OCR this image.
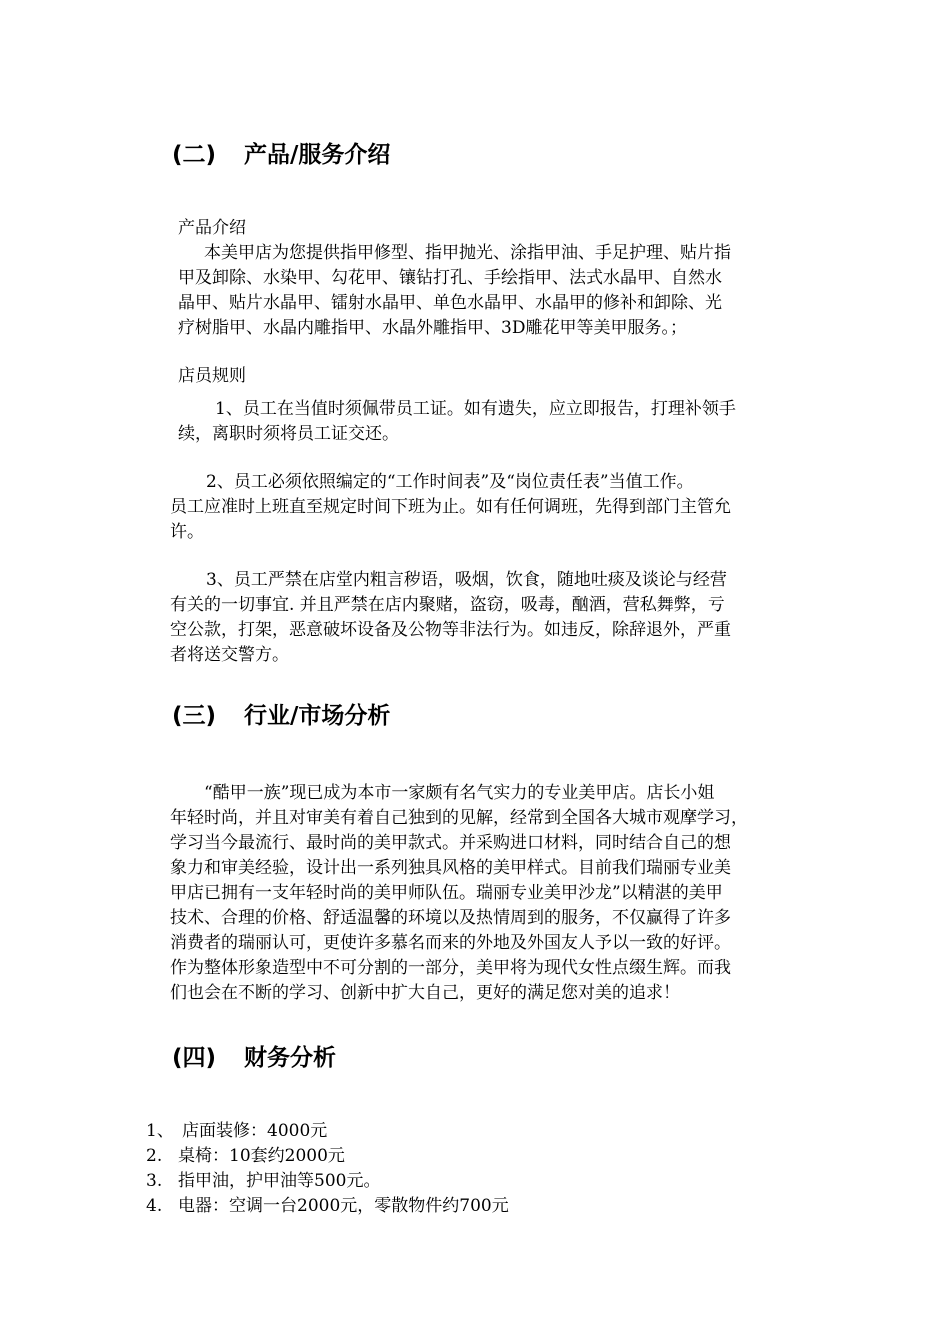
(二) 产品/服务介绍
产品介绍
本美甲店为您提供指甲修型、指甲抛光、涂指甲油、手足护理、贴片指
甲及卸除、水染甲、勾花甲、镶钻打孔、手绘指甲、法式水晶甲、自然水
晶甲、贴片水晶甲、镭射水晶甲、单色水晶甲、水晶甲的修补和卸除、光
疗树脂甲、水晶内雕指甲、水晶外雕指甲、3D雕花甲等美甲服务。；
店员规则
1、员工在当值时须佩带员工证。如有遗失，应立即报告，打理补领手
续，离职时须将员工证交还。
2、员工必须依照编定的“工作时间表”及“岗位责任表”当值工作。
员工应准时上班直至规定时间下班为止。如有任何调班，先得到部门主管允
许。
3、员工严禁在店堂内粗言秽语，吸烟，饮食，随地吐痰及谈论与经营
有关的一切事宜. 并且严禁在店内聚赌，盗窃，吸毒，酗酒，营私舞弊，亏
空公款，打架，恶意破坏设备及公物等非法行为。如违反，除辞退外，严重
者将送交警方。
(三) 行业/市场分析
“酷甲一族”现已成为本市一家颇有名气实力的专业美甲店。店长小姐
年轻时尚，并且对审美有着自己独到的见解，经常到全国各大城市观摩学习，
学习当今最流行、最时尚的美甲款式。并采购进口材料，同时结合自己的想
象力和审美经验，设计出一系列独具风格的美甲样式。目前我们瑞丽专业美
甲店已拥有一支年轻时尚的美甲师队伍。瑞丽专业美甲沙龙”以精湛的美甲
技术、合理的价格、舒适温馨的环境以及热情周到的服务，不仅赢得了许多
消费者的瑞丽认可，更使许多慕名而来的外地及外国友人予以一致的好评。
作为整体形象造型中不可分割的一部分，美甲将为现代女性点缀生辉。而我
们也会在不断的学习、创新中扩大自己，更好的满足您对美的追求！
(四) 财务分析
1、 店面装修：4000元
2. 桌椅：10套约2000元
3. 指甲油，护甲油等500元。
4. 电器：空调一台2000元，零散物件约700元
